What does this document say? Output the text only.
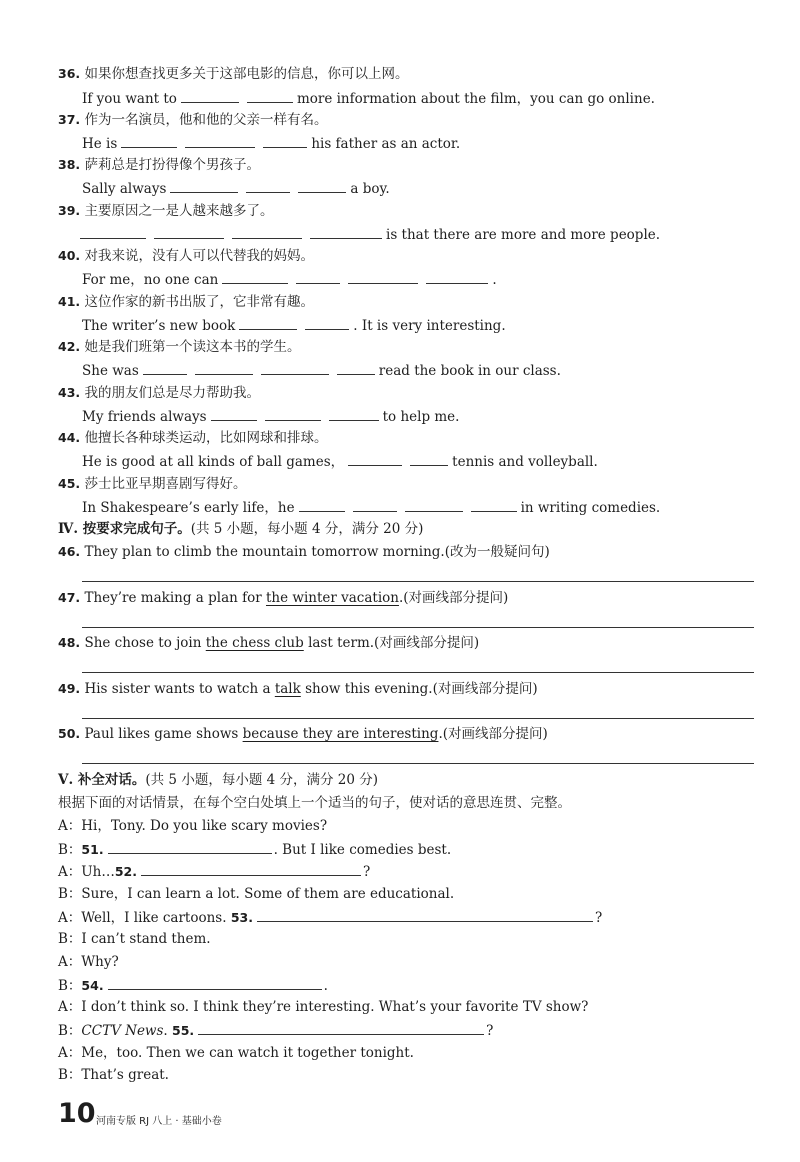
36. 如果你想查找更多关于这部电影的信息，你可以上网。
If you want to	more information about the film，you can go online.
37. 作为一名演员，他和他的父亲一样有名。
He is	his father as an actor.
38. 萨莉总是打扮得像个男孩子。
Sally always	a boy.
39. 主要原因之一是人越来越多了。
is that there are more and more people.
40. 对我来说，没有人可以代替我的妈妈。
For me，no one can	.
41. 这位作家的新书出版了，它非常有趣。
The writer’s new book	. It is very interesting.
42. 她是我们班第一个读这本书的学生。
She was	read the book in our class.
43. 我的朋友们总是尽力帮助我。
My friends always	to help me.
44. 他擅长各种球类运动，比如网球和排球。
He is good at all kinds of ball games，	tennis and volleyball.
45. 莎士比亚早期喜剧写得好。
In Shakespeare’s early life，he	in writing comedies.
Ⅳ. 按要求完成句子。(共 5 小题，每小题 4 分，满分 20 分)
46. They plan to climb the mountain tomorrow morning.(改为一般疑问句)
47. They’re making a plan for the winter vacation.(对画线部分提问)
48. She chose to join the chess club last term.(对画线部分提问)
49. His sister wants to watch a talk show this evening.(对画线部分提问)
50. Paul likes game shows because they are interesting.(对画线部分提问)
Ⅴ. 补全对话。(共 5 小题，每小题 4 分，满分 20 分)
根据下面的对话情景，在每个空白处填上一个适当的句子，使对话的意思连贯、完整。
A：Hi，Tony. Do you like scary movies?
B：51.	. But I like comedies best.
A：Uh…52.	?
B：Sure，I can learn a lot. Some of them are educational.
A：Well，I like cartoons. 53.	?
B：I can’t stand them.
A：Why?
B：54.	.
A：I don’t think so. I think they’re interesting. What’s your favorite TV show?
B：CCTV News. 55.	?
A：Me，too. Then we can watch it together tonight.
B：That’s great.
10 河南专版 RJ 八上 · 基础小卷
